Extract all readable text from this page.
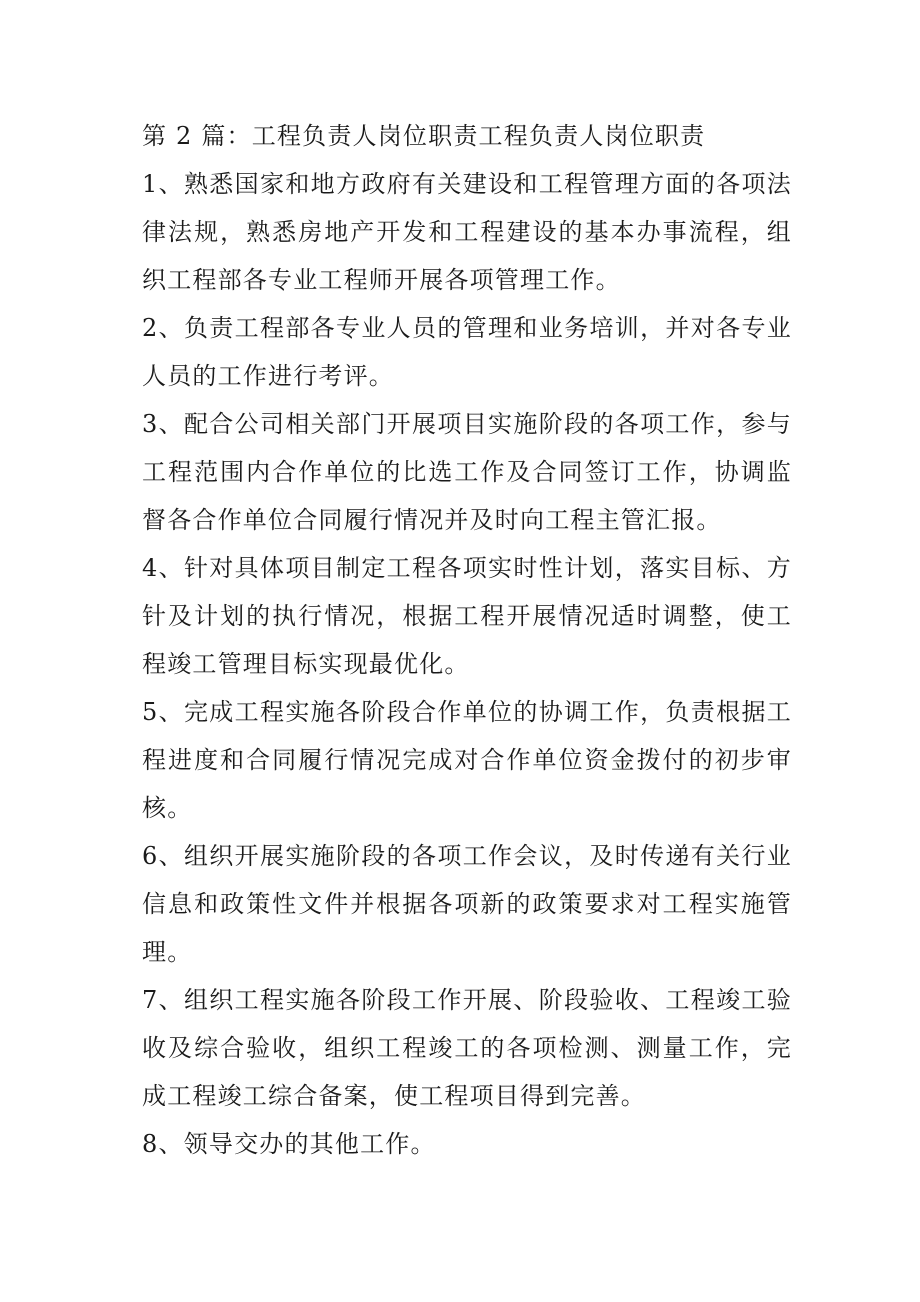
第 2 篇：工程负责人岗位职责工程负责人岗位职责

1、熟悉国家和地方政府有关建设和工程管理方面的各项法律法规，熟悉房地产开发和工程建设的基本办事流程，组织工程部各专业工程师开展各项管理工作。

2、负责工程部各专业人员的管理和业务培训，并对各专业人员的工作进行考评。

3、配合公司相关部门开展项目实施阶段的各项工作，参与工程范围内合作单位的比选工作及合同签订工作，协调监督各合作单位合同履行情况并及时向工程主管汇报。

4、针对具体项目制定工程各项实时性计划，落实目标、方针及计划的执行情况，根据工程开展情况适时调整，使工程竣工管理目标实现最优化。

5、完成工程实施各阶段合作单位的协调工作，负责根据工程进度和合同履行情况完成对合作单位资金拨付的初步审核。

6、组织开展实施阶段的各项工作会议，及时传递有关行业信息和政策性文件并根据各项新的政策要求对工程实施管理。

7、组织工程实施各阶段工作开展、阶段验收、工程竣工验收及综合验收，组织工程竣工的各项检测、测量工作，完成工程竣工综合备案，使工程项目得到完善。

8、领导交办的其他工作。
